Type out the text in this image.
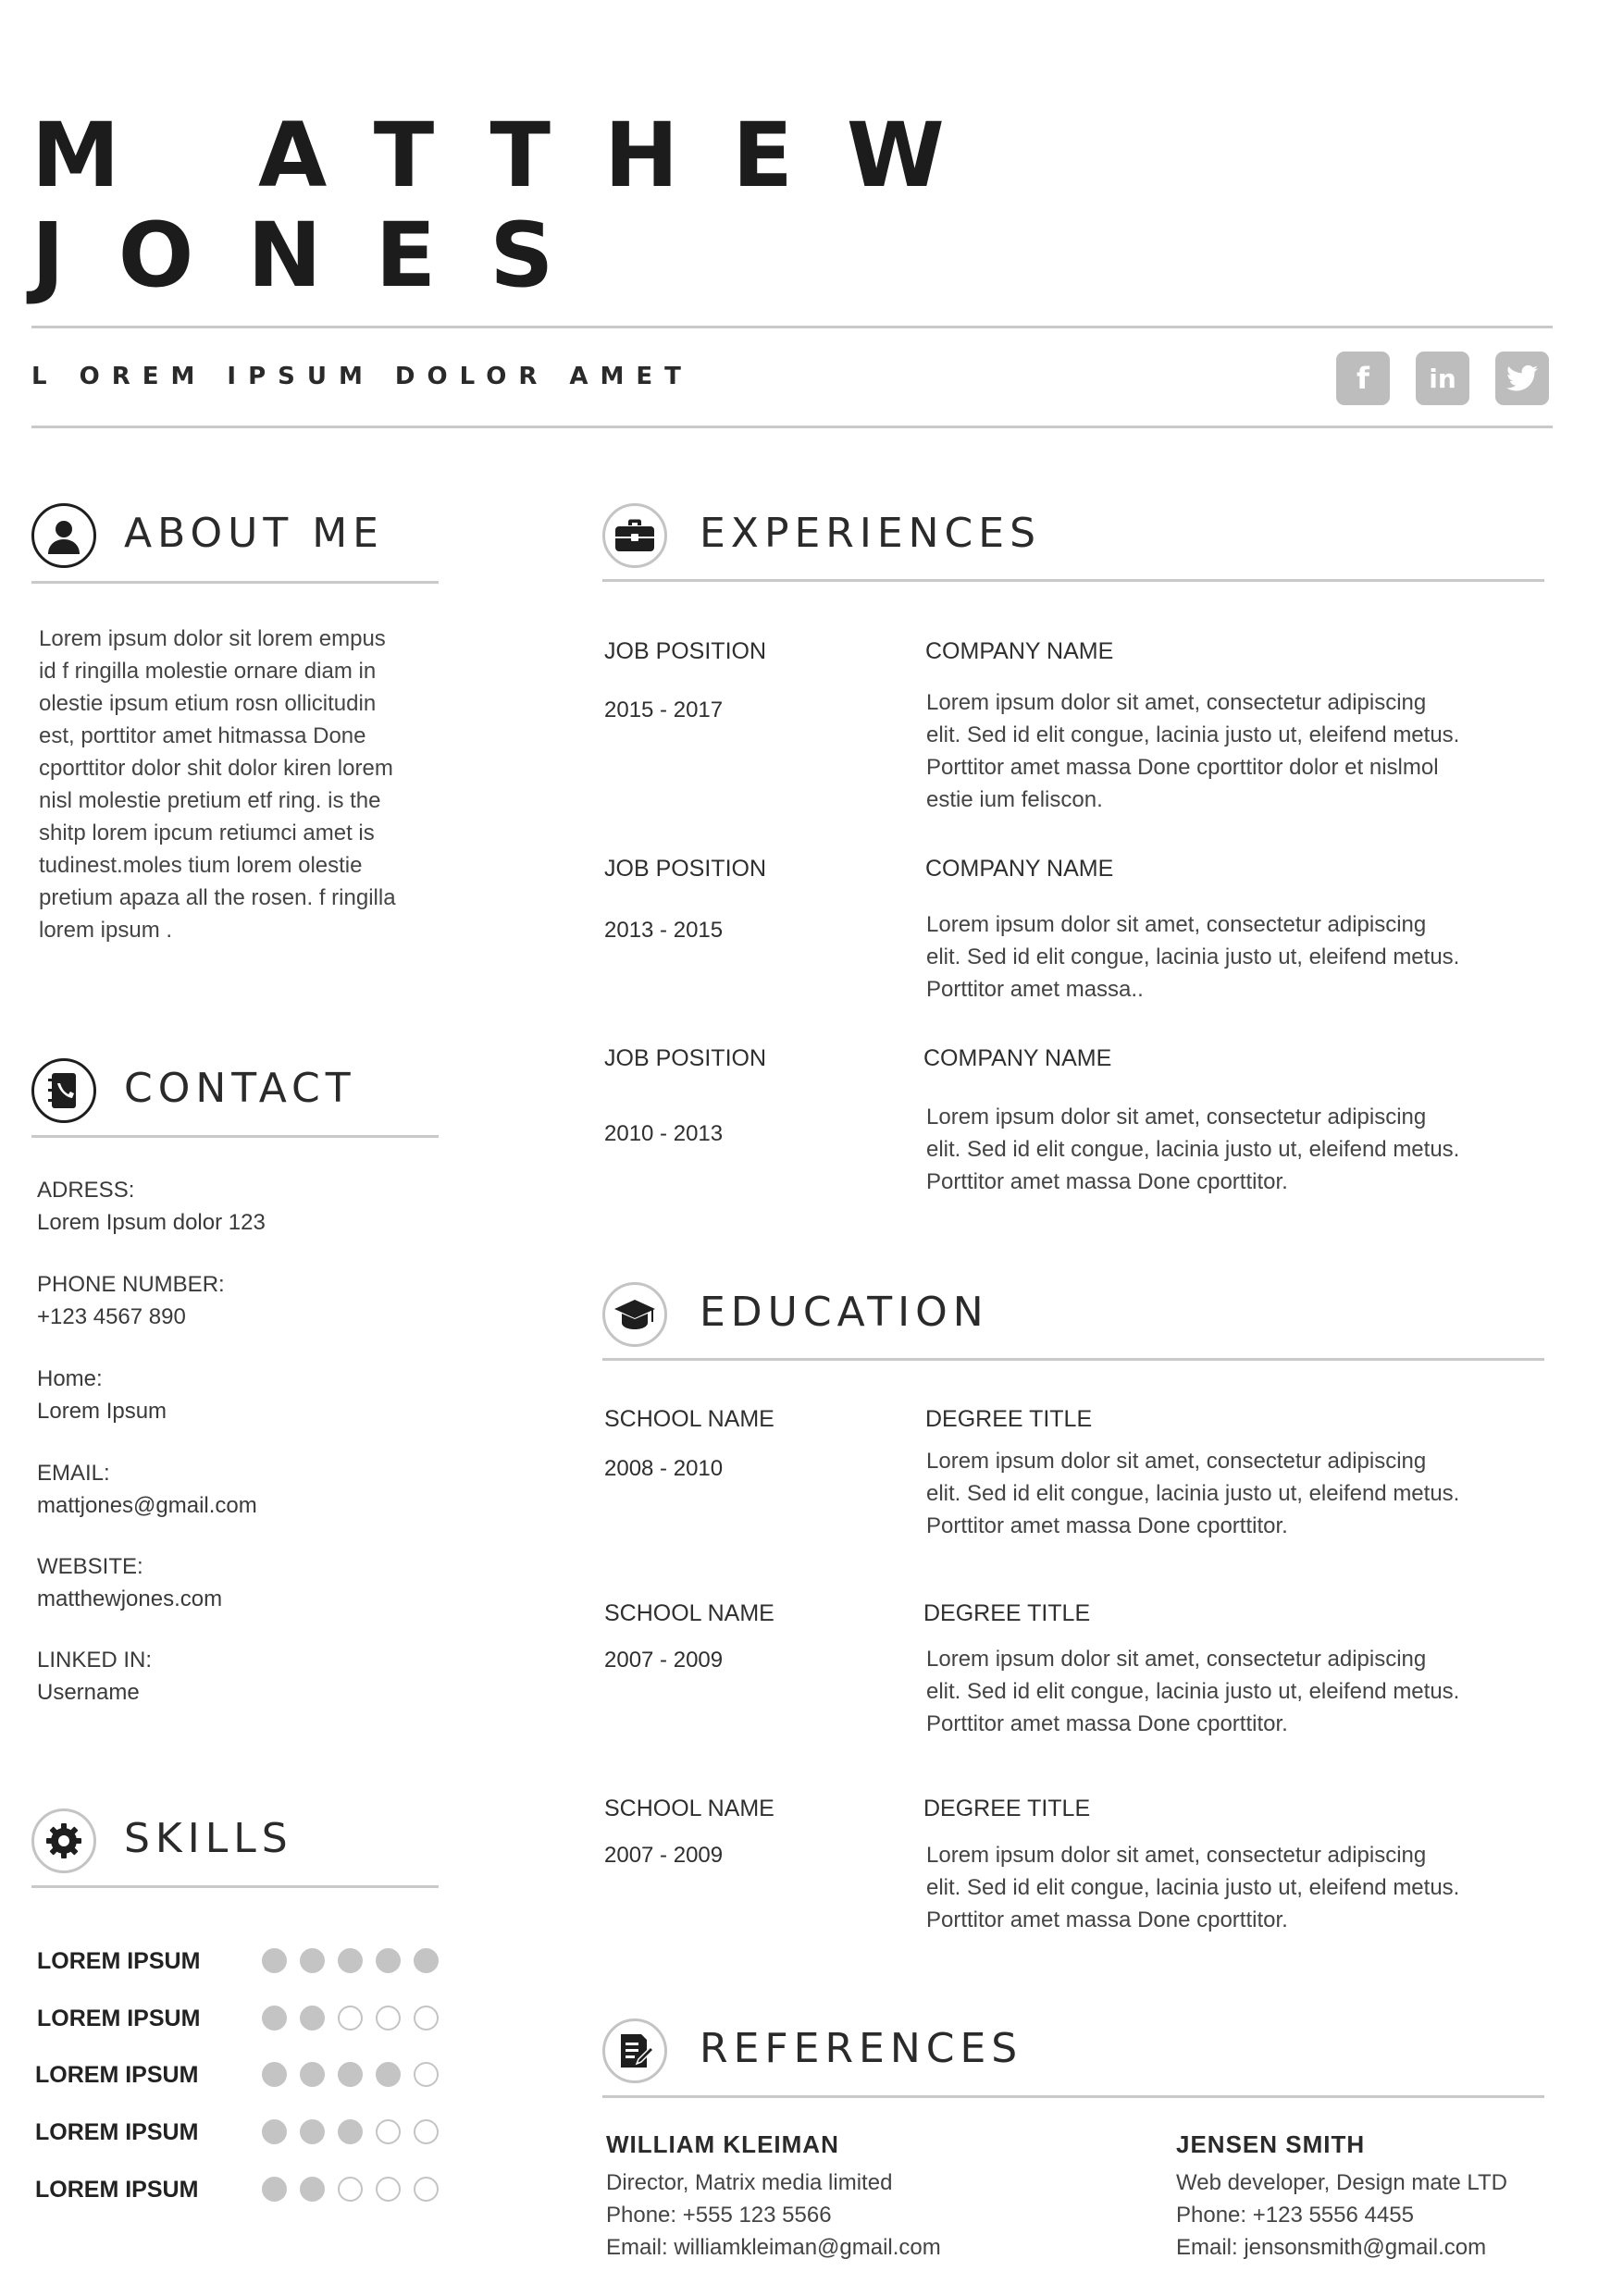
M ATTHEW
JONES
L OREM IPSUM DOLOR AMET	f in
ABOUT ME
Lorem ipsum dolor sit lorem empus
id f ringilla molestie ornare diam in
olestie ipsum etium rosn ollicitudin
est, porttitor amet hitmassa Done
cporttitor dolor shit dolor kiren lorem
nisl molestie pretium etf ring. is the
shitp lorem ipcum retiumci amet is
tudinest.moles tium lorem olestie
pretium apaza all the rosen. f ringilla
lorem ipsum .
CONTACT
ADRESS:
Lorem Ipsum dolor 123
PHONE NUMBER:
+123 4567 890
Home:
Lorem Ipsum
EMAIL:
mattjones@gmail.com
WEBSITE:
matthewjones.com
LINKED IN:
Username
SKILLS
LOREM IPSUM
LOREM IPSUM
LOREM IPSUM
LOREM IPSUM
LOREM IPSUM
EXPERIENCES
JOB POSITION
2015 - 2017
COMPANY NAME
Lorem ipsum dolor sit amet, consectetur adipiscing
elit. Sed id elit congue, lacinia justo ut, eleifend metus.
Porttitor amet massa Done cporttitor dolor et nislmol
estie ium feliscon.
JOB POSITION
2013 - 2015
COMPANY NAME
Lorem ipsum dolor sit amet, consectetur adipiscing
elit. Sed id elit congue, lacinia justo ut, eleifend metus.
Porttitor amet massa..
JOB POSITION
2010 - 2013
COMPANY NAME
Lorem ipsum dolor sit amet, consectetur adipiscing
elit. Sed id elit congue, lacinia justo ut, eleifend metus.
Porttitor amet massa Done cporttitor.
EDUCATION
SCHOOL NAME
2008 - 2010
DEGREE TITLE
Lorem ipsum dolor sit amet, consectetur adipiscing
elit. Sed id elit congue, lacinia justo ut, eleifend metus.
Porttitor amet massa Done cporttitor.
SCHOOL NAME
2007 - 2009
DEGREE TITLE
Lorem ipsum dolor sit amet, consectetur adipiscing
elit. Sed id elit congue, lacinia justo ut, eleifend metus.
Porttitor amet massa Done cporttitor.
SCHOOL NAME
2007 - 2009
DEGREE TITLE
Lorem ipsum dolor sit amet, consectetur adipiscing
elit. Sed id elit congue, lacinia justo ut, eleifend metus.
Porttitor amet massa Done cporttitor.
REFERENCES
WILLIAM KLEIMAN
Director, Matrix media limited
Phone: +555 123 5566
Email: williamkleiman@gmail.com
JENSEN SMITH
Web developer, Design mate LTD
Phone: +123 5556 4455
Email: jensonsmith@gmail.com
